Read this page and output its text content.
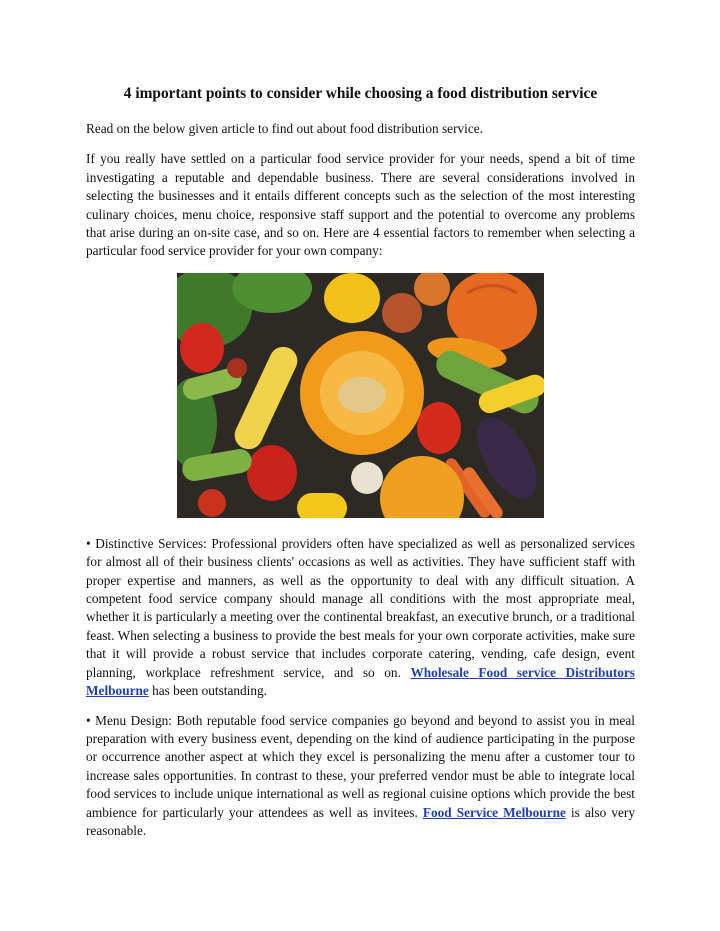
4 important points to consider while choosing a food distribution service

Read on the below given article to find out about food distribution service.

If you really have settled on a particular food service provider for your needs, spend a bit of time investigating a reputable and dependable business. There are several considerations involved in selecting the businesses and it entails different concepts such as the selection of the most interesting culinary choices, menu choice, responsive staff support and the potential to overcome any problems that arise during an on-site case, and so on. Here are 4 essential factors to remember when selecting a particular food service provider for your own company:

• Distinctive Services: Professional providers often have specialized as well as personalized services for almost all of their business clients' occasions as well as activities. They have sufficient staff with proper expertise and manners, as well as the opportunity to deal with any difficult situation. A competent food service company should manage all conditions with the most appropriate meal, whether it is particularly a meeting over the continental breakfast, an executive brunch, or a traditional feast. When selecting a business to provide the best meals for your own corporate activities, make sure that it will provide a robust service that includes corporate catering, vending, cafe design, event planning, workplace refreshment service, and so on. Wholesale Food service Distributors Melbourne has been outstanding.

• Menu Design: Both reputable food service companies go beyond and beyond to assist you in meal preparation with every business event, depending on the kind of audience participating in the purpose or occurrence another aspect at which they excel is personalizing the menu after a customer tour to increase sales opportunities. In contrast to these, your preferred vendor must be able to integrate local food services to include unique international as well as regional cuisine options which provide the best ambience for particularly your attendees as well as invitees. Food Service Melbourne is also very reasonable.
